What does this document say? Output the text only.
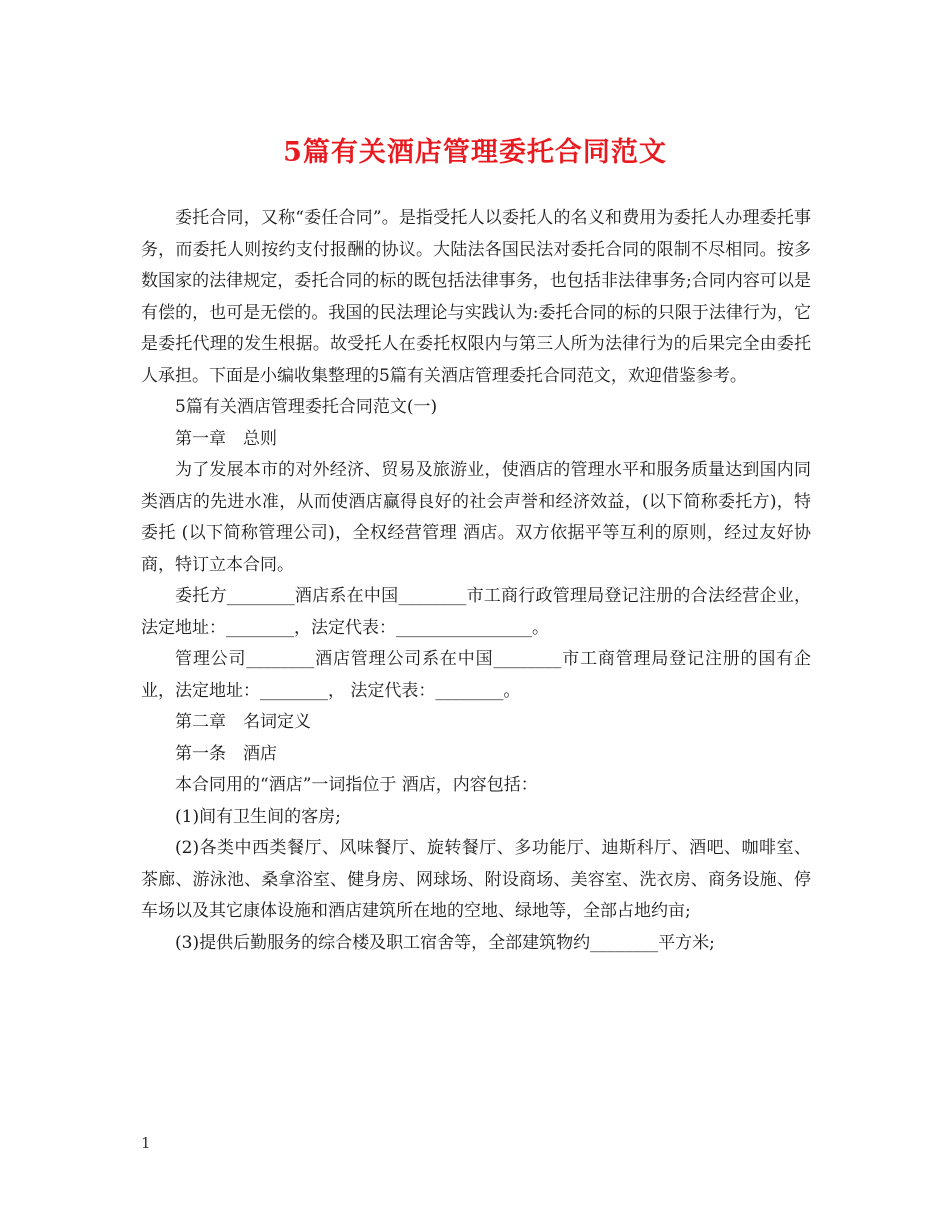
5篇有关酒店管理委托合同范文

委托合同，又称“委任合同”。是指受托人以委托人的名义和费用为委托人办理委托事务，而委托人则按约支付报酬的协议。大陆法各国民法对委托合同的限制不尽相同。按多数国家的法律规定，委托合同的标的既包括法律事务，也包括非法律事务;合同内容可以是有偿的，也可是无偿的。我国的民法理论与实践认为:委托合同的标的只限于法律行为，它是委托代理的发生根据。故受托人在委托权限内与第三人所为法律行为的后果完全由委托人承担。下面是小编收集整理的5篇有关酒店管理委托合同范文，欢迎借鉴参考。

5篇有关酒店管理委托合同范文(一)

第一章　总则

为了发展本市的对外经济、贸易及旅游业，使酒店的管理水平和服务质量达到国内同类酒店的先进水准，从而使酒店赢得良好的社会声誉和经济效益，(以下简称委托方)，特委托 (以下简称管理公司)，全权经营管理 酒店。双方依据平等互利的原则，经过友好协商，特订立本合同。

委托方________酒店系在中国________市工商行政管理局登记注册的合法经营企业，法定地址：________，法定代表：________________。

管理公司________酒店管理公司系在中国________市工商管理局登记注册的国有企业，法定地址：________， 法定代表：________。

第二章　名词定义

第一条　酒店

本合同用的“酒店”一词指位于 酒店，内容包括：

(1)间有卫生间的客房;

(2)各类中西类餐厅、风味餐厅、旋转餐厅、多功能厅、迪斯科厅、酒吧、咖啡室、茶廊、游泳池、桑拿浴室、健身房、网球场、附设商场、美容室、洗衣房、商务设施、停车场以及其它康体设施和酒店建筑所在地的空地、绿地等，全部占地约亩;

(3)提供后勤服务的综合楼及职工宿舍等，全部建筑物约________平方米;

1
